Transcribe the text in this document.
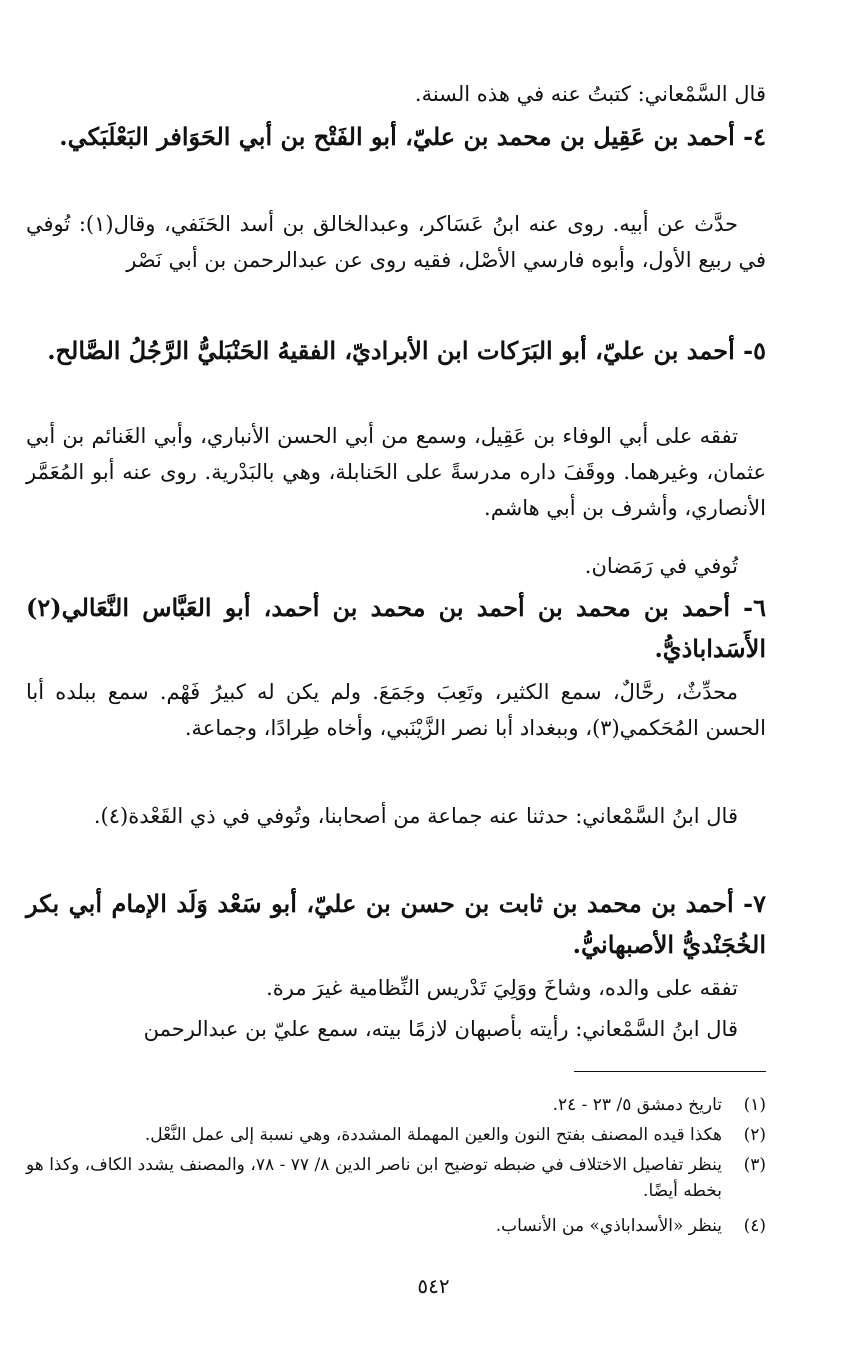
قال السَّمْعاني: كتبتُ عنه في هذه السنة.
٤- أحمد بن عَقِيل بن محمد بن عليّ، أبو الفَتْح بن أبي الحَوَافر البَعْلَبَكي.
حدَّث عن أبيه. روى عنه ابنُ عَسَاكر، وعبدالخالق بن أسد الحَنَفي، وقال(١): تُوفي في ربيع الأول، وأبوه فارسي الأصْل، فقيه روى عن عبدالرحمن بن أبي نَصْر
٥- أحمد بن عليّ، أبو البَرَكات ابن الأبراديّ، الفقيهُ الحَنْبَليُّ الرَّجُلُ الصَّالح.
تفقه على أبي الوفاء بن عَقِيل، وسمع من أبي الحسن الأنباري، وأبي الغَنائم بن أبي عثمان، وغيرهما. ووقَفَ داره مدرسةً على الحَنابلة، وهي بالبَدْرية. روى عنه أبو المُعَمَّر الأنصاري، وأشرف بن أبي هاشم.
تُوفي في رَمَضان.
٦- أحمد بن محمد بن أحمد بن محمد بن أحمد، أبو العَبَّاس النَّعَالي(٢) الأَسَداباذيُّ.
محدِّثٌ، رحَّالٌ، سمع الكثير، وتَعِبَ وجَمَعَ. ولم يكن له كبيرُ فَهْم. سمع ببلده أبا الحسن المُحَكمي(٣)، وببغداد أبا نصر الزَّيْنَبي، وأخاه طِرادًا، وجماعة.
قال ابنُ السَّمْعاني: حدثنا عنه جماعة من أصحابنا، وتُوفي في ذي القَعْدة(٤).
٧- أحمد بن محمد بن ثابت بن حسن بن عليّ، أبو سَعْد وَلَد الإمام أبي بكر الخُجَنْديُّ الأصبهانيُّ.
تفقه على والده، وشاخَ ووَلِيَ تَدْريس النِّظامية غيرَ مرة.
قال ابنُ السَّمْعاني: رأيته بأصبهان لازمًا بيته، سمع عليّ بن عبدالرحمن
(١)
تاريخ دمشق ٥/ ٢٣ - ٢٤.
(٢)
هكذا قيده المصنف بفتح النون والعين المهملة المشددة، وهي نسبة إلى عمل النَّعْل.
(٣)
ينظر تفاصيل الاختلاف في ضبطه توضيح ابن ناصر الدين ٨/ ٧٧ - ٧٨، والمصنف يشدد الكاف، وكذا هو بخطه أيضًا.
(٤)
ينظر «الأسداباذي» من الأنساب.
٥٤٢
